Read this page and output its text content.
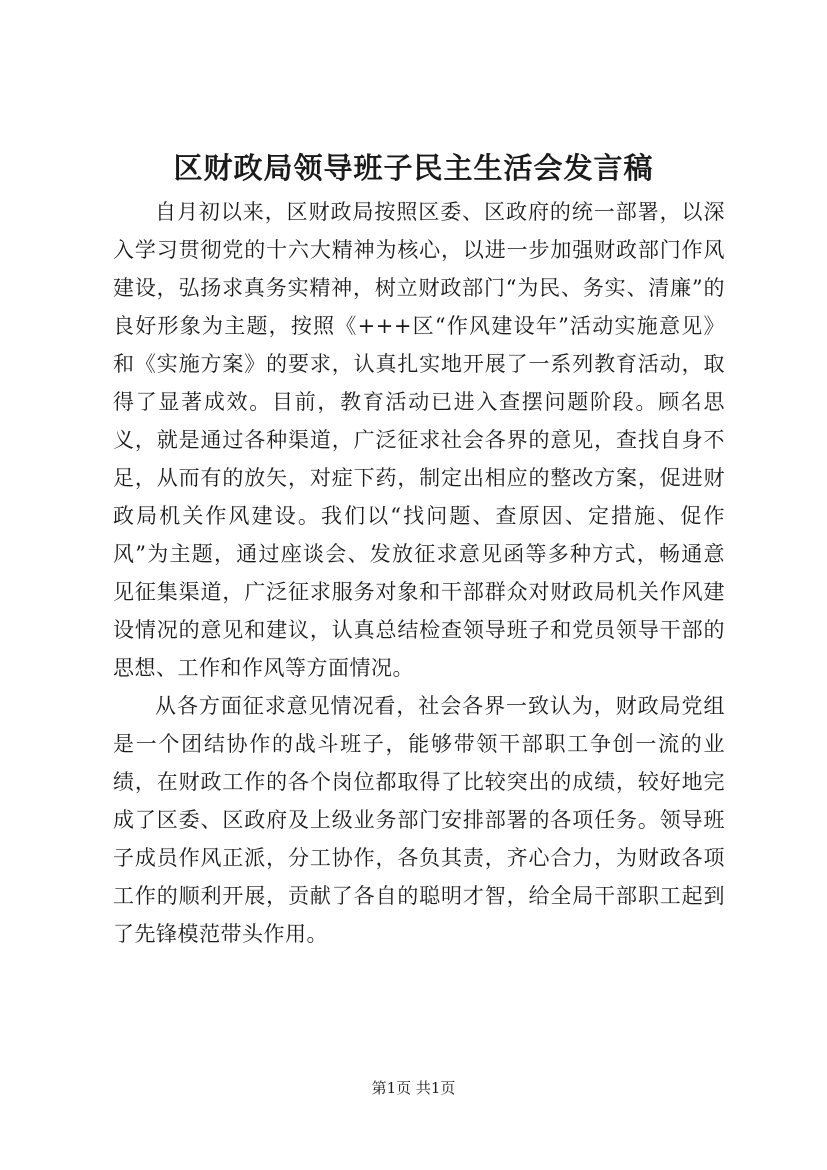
区财政局领导班子民主生活会发言稿

自月初以来，区财政局按照区委、区政府的统一部署，以深入学习贯彻党的十六大精神为核心，以进一步加强财政部门作风建设，弘扬求真务实精神，树立财政部门“为民、务实、清廉”的良好形象为主题，按照《+++区“作风建设年”活动实施意见》和《实施方案》的要求，认真扎实地开展了一系列教育活动，取得了显著成效。目前，教育活动已进入查摆问题阶段。顾名思义，就是通过各种渠道，广泛征求社会各界的意见，查找自身不足，从而有的放矢，对症下药，制定出相应的整改方案，促进财政局机关作风建设。我们以“找问题、查原因、定措施、促作风”为主题，通过座谈会、发放征求意见函等多种方式，畅通意见征集渠道，广泛征求服务对象和干部群众对财政局机关作风建设情况的意见和建议，认真总结检查领导班子和党员领导干部的思想、工作和作风等方面情况。

从各方面征求意见情况看，社会各界一致认为，财政局党组是一个团结协作的战斗班子，能够带领干部职工争创一流的业绩，在财政工作的各个岗位都取得了比较突出的成绩，较好地完成了区委、区政府及上级业务部门安排部署的各项任务。领导班子成员作风正派，分工协作，各负其责，齐心合力，为财政各项工作的顺利开展，贡献了各自的聪明才智，给全局干部职工起到了先锋模范带头作用。

第1页 共1页
